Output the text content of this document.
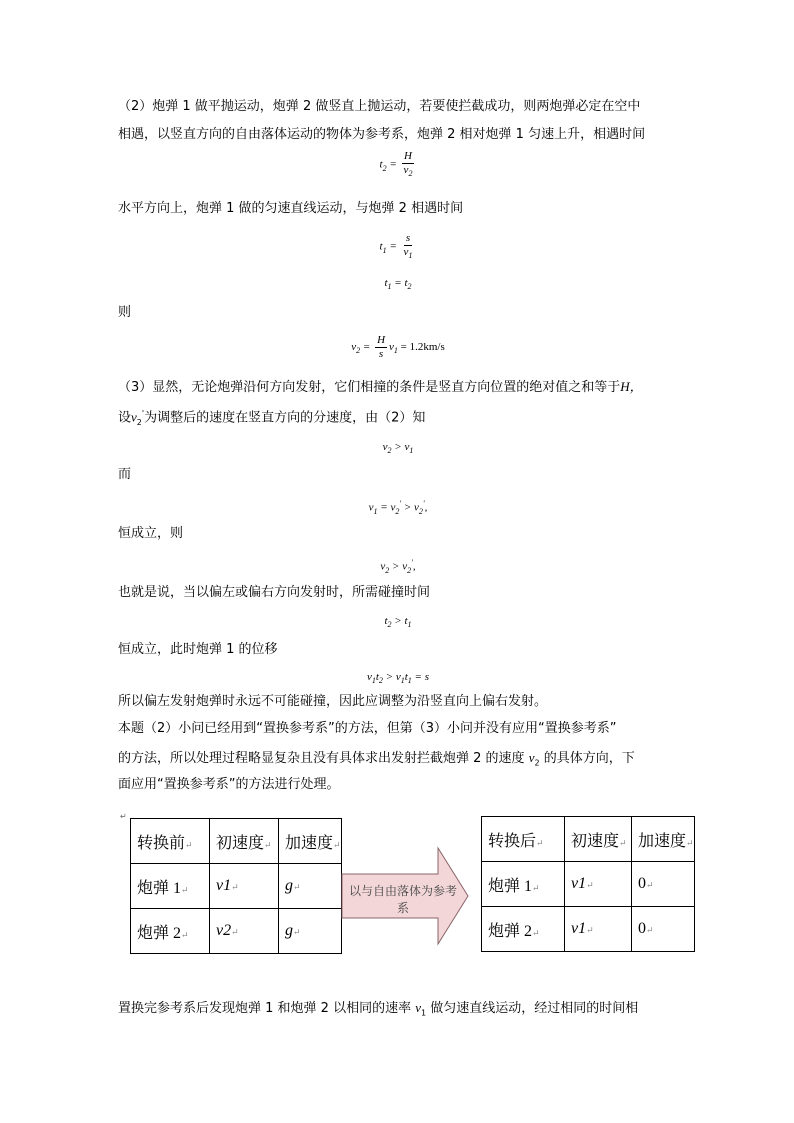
（2）炮弹 1 做平抛运动，炮弹 2 做竖直上抛运动，若要使拦截成功，则两炮弹必定在空中
相遇，以竖直方向的自由落体运动的物体为参考系，炮弹 2 相对炮弹 1 匀速上升，相遇时间
$t_2 = \frac{H}{v_2}$
水平方向上，炮弹 1 做的匀速直线运动，与炮弹 2 相遇时间
$t_1 = \frac{s}{v_1}$
$t_1 = t_2$
则
$v_2 = \frac{H}{s} v_1 = 1.2km/s$
（3）显然，无论炮弹沿何方向发射，它们相撞的条件是竖直方向位置的绝对值之和等于H，
设$v_2'$为调整后的速度在竖直方向的分速度，由（2）知
$v_2 > v_1$
而
$v_1 = v_2' > v_2'$,
恒成立，则
$v_2 > v_2'$,
也就是说，当以偏左或偏右方向发射时，所需碰撞时间
$t_2 > t_1$
恒成立，此时炮弹 1 的位移
$v_1t_2 > v_1t_1 = s$
所以偏左发射炮弹时永远不可能碰撞，因此应调整为沿竖直向上偏右发射。
本题（2）小问已经用到“置换参考系”的方法，但第（3）小问并没有应用“置换参考系”
的方法，所以处理过程略显复杂且没有具体求出发射拦截炮弹 2 的速度 $v_2$ 的具体方向，下
面应用“置换参考系”的方法进行处理。
↵
转换前↵	初速度↵	加速度↵
炮弹 1↵	v1↵	g↵
炮弹 2↵	v2↵	g↵
以与自由落体为参考系
转换后↵	初速度↵	加速度↵
炮弹 1↵	v1↵	0↵
炮弹 2↵	v1↵	0↵
置换完参考系后发现炮弹 1 和炮弹 2 以相同的速率 $v_1$ 做匀速直线运动，经过相同的时间相
